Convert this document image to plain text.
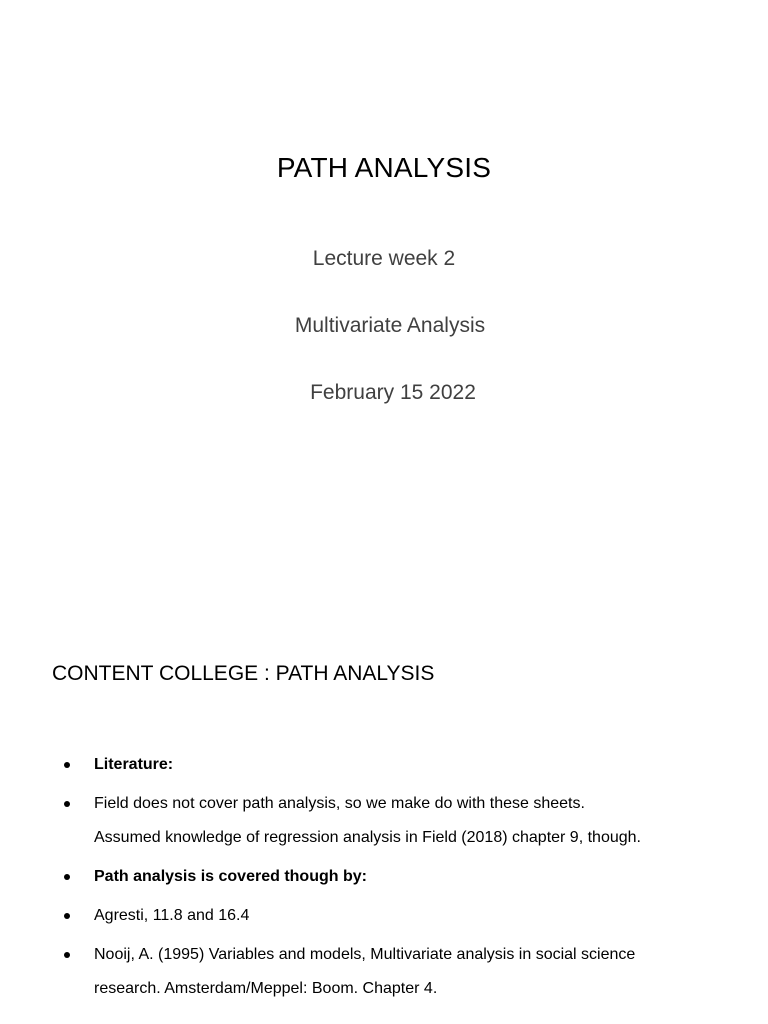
PATH ANALYSIS
Lecture week 2
Multivariate Analysis
February 15 2022
CONTENT COLLEGE : PATH ANALYSIS
Literature:
Field does not cover path analysis, so we make do with these sheets.
Assumed knowledge of regression analysis in Field (2018) chapter 9, though.
Path analysis is covered though by:
Agresti, 11.8 and 16.4
Nooij, A. (1995) Variables and models, Multivariate analysis in social science
research. Amsterdam/Meppel: Boom. Chapter 4.
